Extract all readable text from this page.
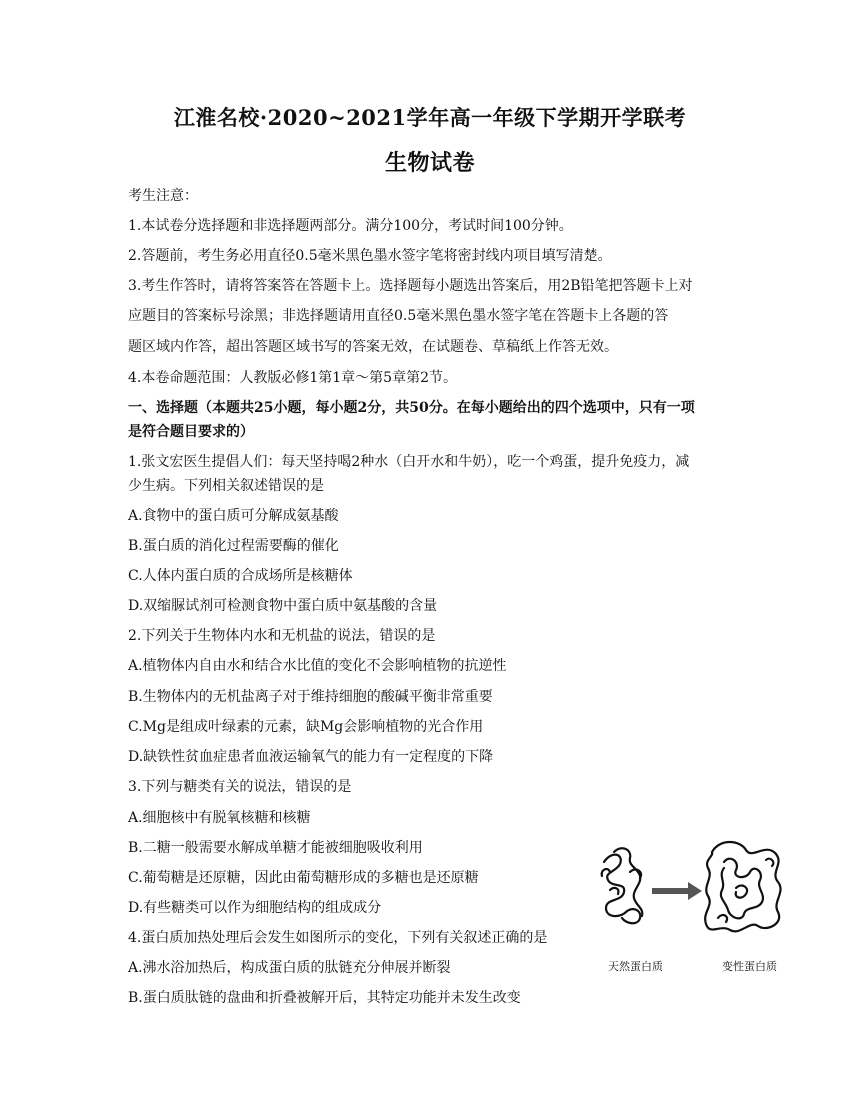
江淮名校·2020~2021学年高一年级下学期开学联考
生物试卷
考生注意：
1.本试卷分选择题和非选择题两部分。满分100分，考试时间100分钟。
2.答题前，考生务必用直径0.5毫米黑色墨水签字笔将密封线内项目填写清楚。
3.考生作答时，请将答案答在答题卡上。选择题每小题选出答案后，用2B铅笔把答题卡上对
应题目的答案标号涂黑；非选择题请用直径0.5毫米黑色墨水签字笔在答题卡上各题的答
题区域内作答，超出答题区域书写的答案无效，在试题卷、草稿纸上作答无效。
4.本卷命题范围：人教版必修1第1章～第5章第2节。
一、选择题（本题共25小题，每小题2分，共50分。在每小题给出的四个选项中，只有一项
是符合题目要求的）
1.张文宏医生提倡人们：每天坚持喝2种水（白开水和牛奶），吃一个鸡蛋，提升免疫力，减
少生病。下列相关叙述错误的是
A.食物中的蛋白质可分解成氨基酸
B.蛋白质的消化过程需要酶的催化
C.人体内蛋白质的合成场所是核糖体
D.双缩脲试剂可检测食物中蛋白质中氨基酸的含量
2.下列关于生物体内水和无机盐的说法，错误的是
A.植物体内自由水和结合水比值的变化不会影响植物的抗逆性
B.生物体内的无机盐离子对于维持细胞的酸碱平衡非常重要
C.Mg是组成叶绿素的元素，缺Mg会影响植物的光合作用
D.缺铁性贫血症患者血液运输氧气的能力有一定程度的下降
3.下列与糖类有关的说法，错误的是
A.细胞核中有脱氧核糖和核糖
B.二糖一般需要水解成单糖才能被细胞吸收利用
C.葡萄糖是还原糖，因此由葡萄糖形成的多糖也是还原糖
D.有些糖类可以作为细胞结构的组成成分
4.蛋白质加热处理后会发生如图所示的变化，下列有关叙述正确的是
A.沸水浴加热后，构成蛋白质的肽链充分伸展并断裂
B.蛋白质肽链的盘曲和折叠被解开后，其特定功能并未发生改变
天然蛋白质	变性蛋白质
